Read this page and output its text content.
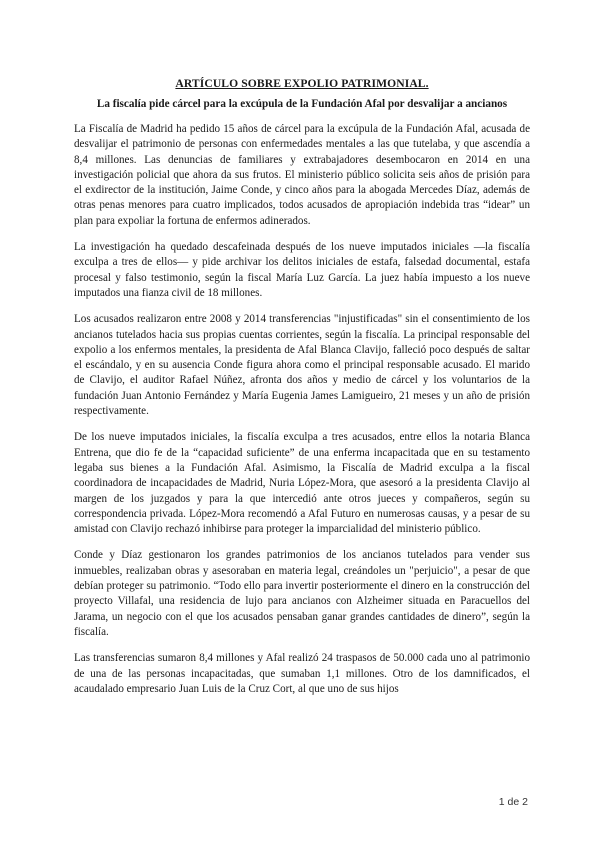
ARTÍCULO SOBRE EXPOLIO PATRIMONIAL.
La fiscalía pide cárcel para la excúpula de la Fundación Afal por desvalijar a ancianos

La Fiscalía de Madrid ha pedido 15 años de cárcel para la excúpula de la Fundación Afal, acusada de desvalijar el patrimonio de personas con enfermedades mentales a las que tutelaba, y que ascendía a 8,4 millones. Las denuncias de familiares y extrabajadores desembocaron en 2014 en una investigación policial que ahora da sus frutos. El ministerio público solicita seis años de prisión para el exdirector de la institución, Jaime Conde, y cinco años para la abogada Mercedes Díaz, además de otras penas menores para cuatro implicados, todos acusados de apropiación indebida tras “idear” un plan para expoliar la fortuna de enfermos adinerados.

La investigación ha quedado descafeinada después de los nueve imputados iniciales —la fiscalía exculpa a tres de ellos— y pide archivar los delitos iniciales de estafa, falsedad documental, estafa procesal y falso testimonio, según la fiscal María Luz García. La juez había impuesto a los nueve imputados una fianza civil de 18 millones.

Los acusados realizaron entre 2008 y 2014 transferencias "injustificadas" sin el consentimiento de los ancianos tutelados hacia sus propias cuentas corrientes, según la fiscalía. La principal responsable del expolio a los enfermos mentales, la presidenta de Afal Blanca Clavijo, falleció poco después de saltar el escándalo, y en su ausencia Conde figura ahora como el principal responsable acusado. El marido de Clavijo, el auditor Rafael Núñez, afronta dos años y medio de cárcel y los voluntarios de la fundación Juan Antonio Fernández y María Eugenia James Lamigueiro, 21 meses y un año de prisión respectivamente.

De los nueve imputados iniciales, la fiscalía exculpa a tres acusados, entre ellos la notaria Blanca Entrena, que dio fe de la “capacidad suficiente” de una enferma incapacitada que en su testamento legaba sus bienes a la Fundación Afal. Asimismo, la Fiscalía de Madrid exculpa a la fiscal coordinadora de incapacidades de Madrid, Nuria López-Mora, que asesoró a la presidenta Clavijo al margen de los juzgados y para la que intercedió ante otros jueces y compañeros, según su correspondencia privada. López-Mora recomendó a Afal Futuro en numerosas causas, y a pesar de su amistad con Clavijo rechazó inhibirse para proteger la imparcialidad del ministerio público.

Conde y Díaz gestionaron los grandes patrimonios de los ancianos tutelados para vender sus inmuebles, realizaban obras y asesoraban en materia legal, creándoles un "perjuicio", a pesar de que debían proteger su patrimonio. “Todo ello para invertir posteriormente el dinero en la construcción del proyecto Villafal, una residencia de lujo para ancianos con Alzheimer situada en Paracuellos del Jarama, un negocio con el que los acusados pensaban ganar grandes cantidades de dinero”, según la fiscalía.

Las transferencias sumaron 8,4 millones y Afal realizó 24 traspasos de 50.000 cada uno al patrimonio de una de las personas incapacitadas, que sumaban 1,1 millones. Otro de los damnificados, el acaudalado empresario Juan Luis de la Cruz Cort, al que uno de sus hijos

1 de 2
